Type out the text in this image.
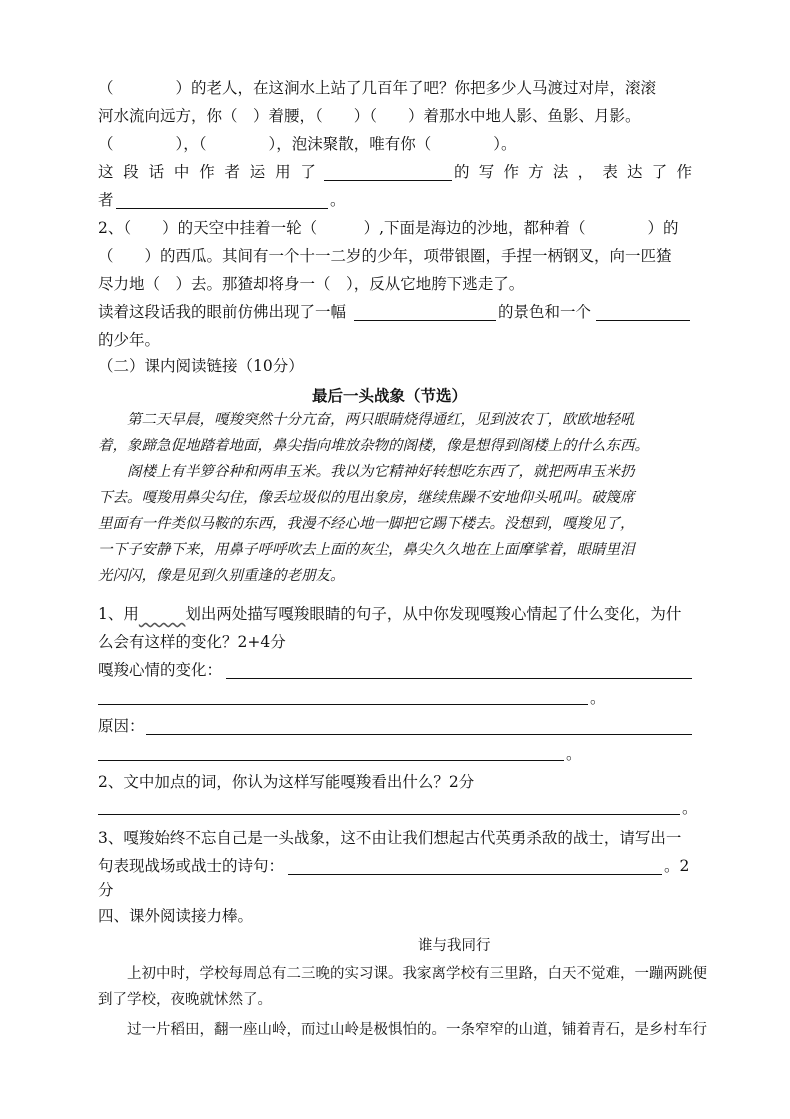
（　　　　）的老人，在这涧水上站了几百年了吧？你把多少人马渡过对岸，滚滚
河水流向远方，你（　）着腰，（　　）（　　）着那水中地人影、鱼影、月影。
（　　　　），（　　　　），泡沫聚散，唯有你（　　　　）。
这 段 话 中 作 者 运 用 了	的 写 作 方 法 ， 表 达 了 作
者	。
2、（　　）的天空中挂着一轮（　　　）,下面是海边的沙地，都种着（　　　　）的
（　　）的西瓜。其间有一个十一二岁的少年，项带银圈，手捏一柄钢叉，向一匹猹
尽力地（　）去。那猹却将身一（　），反从它地胯下逃走了。
读着这段话我的眼前仿佛出现了一幅	的景色和一个
的少年。
（二）课内阅读链接（10分）
最后一头战象（节选）
　　第二天早晨，嘎羧突然十分亢奋，两只眼睛烧得通红，见到波农丁，欧欧地轻吼
着，象蹄急促地踏着地面，鼻尖指向堆放杂物的阁楼，像是想得到阁楼上的什么东西。
　　阁楼上有半箩谷种和两串玉米。我以为它精神好转想吃东西了，就把两串玉米扔
下去。嘎羧用鼻尖勾住，像丢垃圾似的甩出象房，继续焦躁不安地仰头吼叫。破篾席
里面有一件类似马鞍的东西，我漫不经心地一脚把它踢下楼去。没想到，嘎羧见了，
一下子安静下来，用鼻子呼呼吹去上面的灰尘，鼻尖久久地在上面摩挲着，眼睛里泪
光闪闪，像是见到久别重逢的老朋友。
1、用	划出两处描写嘎羧眼睛的句子，从中你发现嘎羧心情起了什么变化，为什
么会有这样的变化？2+4分
嘎羧心情的变化：
。
原因：
。
2、文中加点的词，你认为这样写能嘎羧看出什么？2分
。
3、嘎羧始终不忘自己是一头战象，这不由让我们想起古代英勇杀敌的战士，请写出一
句表现战场或战士的诗句：	。2
分
四、课外阅读接力棒。
谁与我同行
　　上初中时，学校每周总有二三晚的实习课。我家离学校有三里路，白天不觉难，一蹦两跳便
到了学校，夜晚就怵然了。
　　过一片稻田，翻一座山岭，而过山岭是极惧怕的。一条窄窄的山道，铺着青石，是乡村车行
